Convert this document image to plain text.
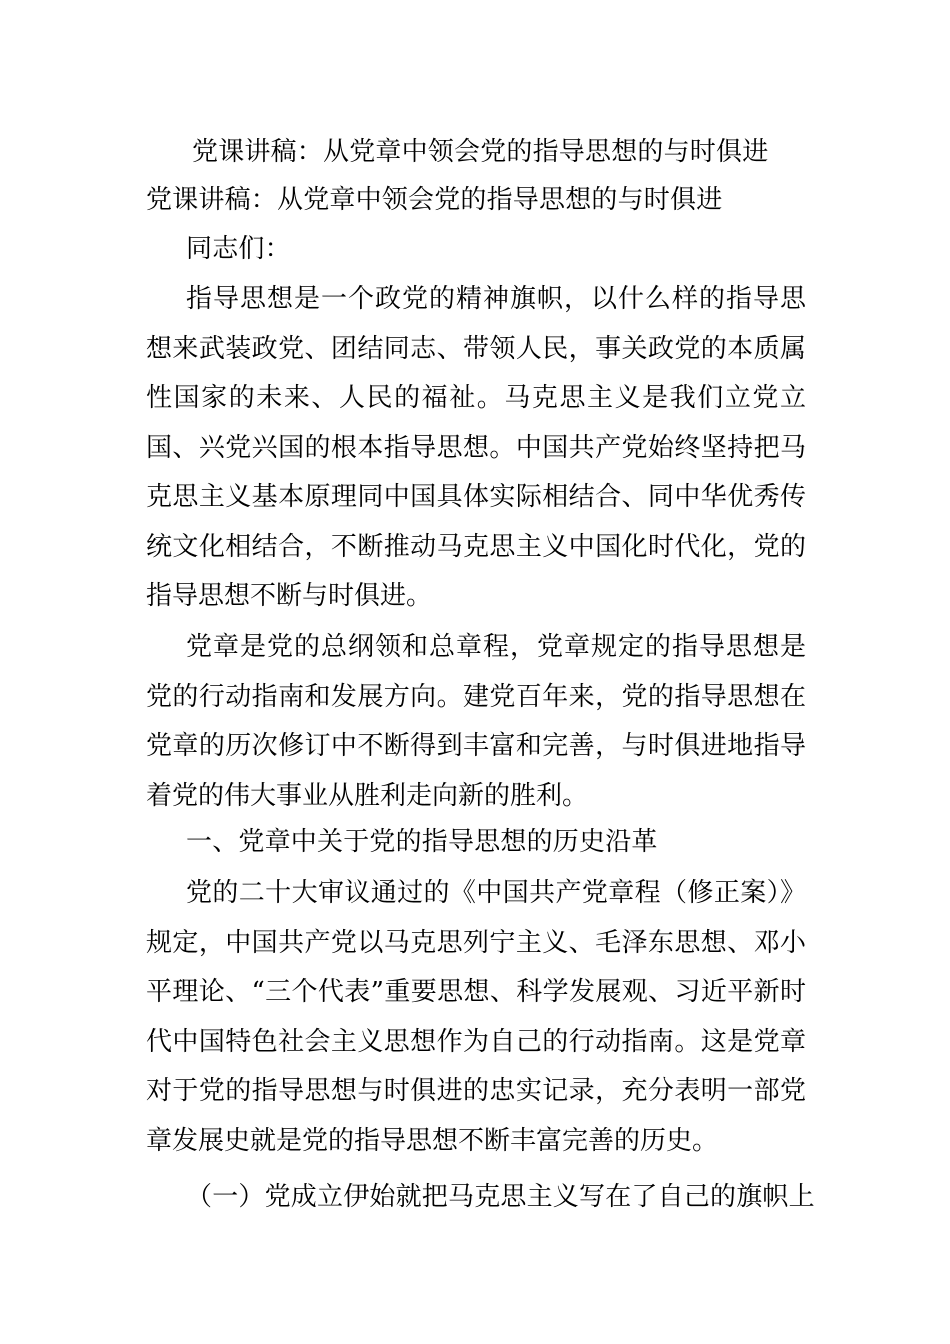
党课讲稿：从党章中领会党的指导思想的与时俱进
党课讲稿：从党章中领会党的指导思想的与时俱进
同志们：
指导思想是一个政党的精神旗帜，以什么样的指导思想来武装政党、团结同志、带领人民，事关政党的本质属性国家的未来、人民的福祉。马克思主义是我们立党立国、兴党兴国的根本指导思想。中国共产党始终坚持把马克思主义基本原理同中国具体实际相结合、同中华优秀传统文化相结合，不断推动马克思主义中国化时代化，党的指导思想不断与时俱进。
党章是党的总纲领和总章程，党章规定的指导思想是党的行动指南和发展方向。建党百年来，党的指导思想在党章的历次修订中不断得到丰富和完善，与时俱进地指导着党的伟大事业从胜利走向新的胜利。
一、党章中关于党的指导思想的历史沿革
党的二十大审议通过的《中国共产党章程（修正案）》规定，中国共产党以马克思列宁主义、毛泽东思想、邓小平理论、“三个代表”重要思想、科学发展观、习近平新时代中国特色社会主义思想作为自己的行动指南。这是党章对于党的指导思想与时俱进的忠实记录，充分表明一部党章发展史就是党的指导思想不断丰富完善的历史。
（一）党成立伊始就把马克思主义写在了自己的旗帜上
